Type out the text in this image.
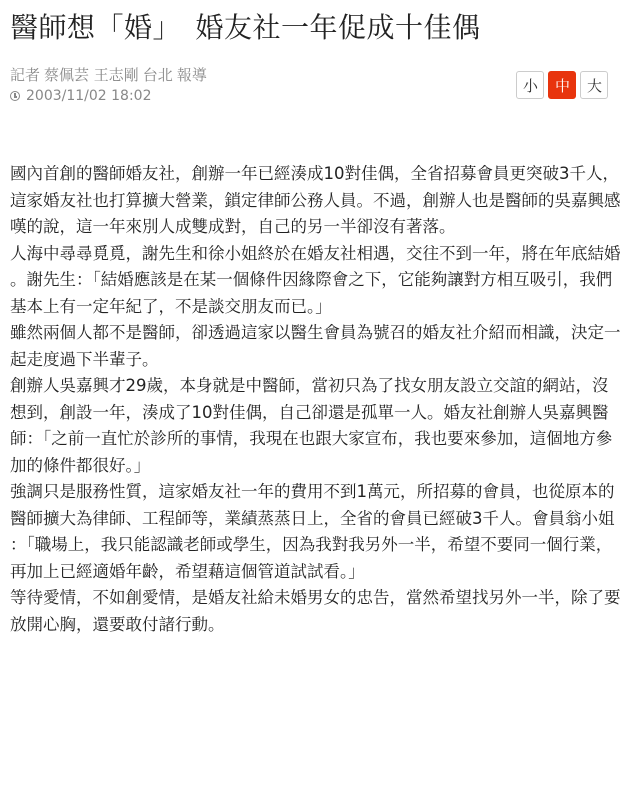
醫師想「婚」　婚友社一年促成十佳偶
記者 蔡佩芸 王志剛 台北 報導
2003/11/02 18:02
小	中	大

國內首創的醫師婚友社，創辦一年已經湊成10對佳偶，全省招募會員更突破3千人，這家婚友社也打算擴大營業，鎖定律師公務人員。不過，創辦人也是醫師的吳嘉興感嘆的說，這一年來別人成雙成對，自己的另一半卻沒有著落。

人海中尋尋覓覓，謝先生和徐小姐終於在婚友社相遇，交往不到一年，將在年底結婚。謝先生：「結婚應該是在某一個條件因緣際會之下，它能夠讓對方相互吸引，我們基本上有一定年紀了，不是談交朋友而已。」

雖然兩個人都不是醫師，卻透過這家以醫生會員為號召的婚友社介紹而相識，決定一起走度過下半輩子。

創辦人吳嘉興才29歲，本身就是中醫師，當初只為了找女朋友設立交誼的網站，沒想到，創設一年，湊成了10對佳偶，自己卻還是孤單一人。婚友社創辦人吳嘉興醫師：「之前一直忙於診所的事情，我現在也跟大家宣布，我也要來參加，這個地方參加的條件都很好。」

強調只是服務性質，這家婚友社一年的費用不到1萬元，所招募的會員，也從原本的醫師擴大為律師、工程師等，業績蒸蒸日上，全省的會員已經破3千人。會員翁小姐：「職場上，我只能認識老師或學生，因為我對我另外一半，希望不要同一個行業，再加上已經適婚年齡，希望藉這個管道試試看。」

等待愛情，不如創愛情，是婚友社給未婚男女的忠告，當然希望找另外一半，除了要放開心胸，還要敢付諸行動。
